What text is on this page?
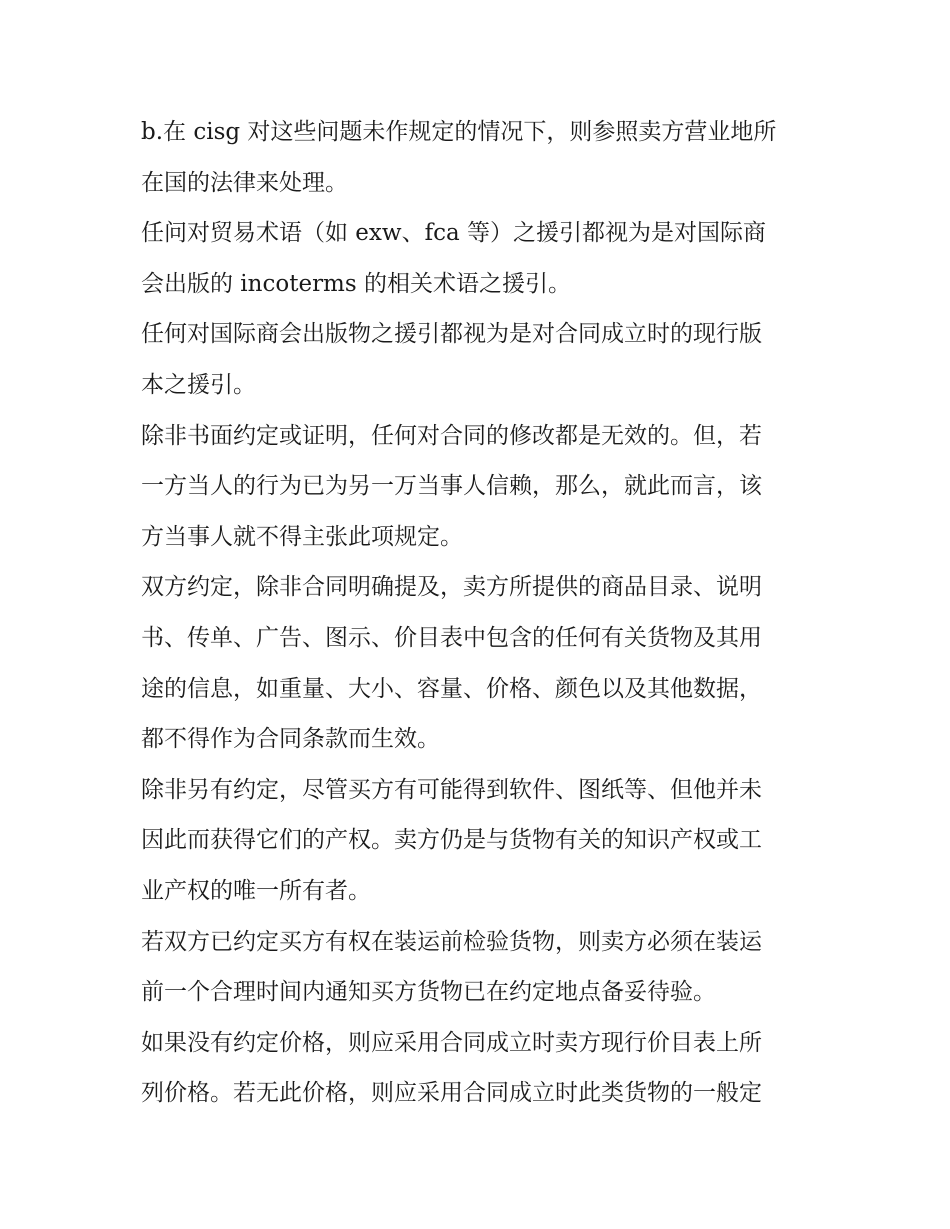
b.在 cisg 对这些问题未作规定的情况下，则参照卖方营业地所
在国的法律来处理。

任问对贸易术语（如 exw、fca 等）之援引都视为是对国际商
会出版的 incoterms 的相关术语之援引。

任何对国际商会出版物之援引都视为是对合同成立时的现行版
本之援引。

除非书面约定或证明，任何对合同的修改都是无效的。但，若
一方当人的行为已为另一万当事人信赖，那么，就此而言，该
方当事人就不得主张此项规定。

双方约定，除非合同明确提及，卖方所提供的商品目录、说明
书、传单、广告、图示、价目表中包含的任何有关货物及其用
途的信息，如重量、大小、容量、价格、颜色以及其他数据，
都不得作为合同条款而生效。

除非另有约定，尽管买方有可能得到软件、图纸等、但他并未
因此而获得它们的产权。卖方仍是与货物有关的知识产权或工
业产权的唯一所有者。

若双方已约定买方有权在装运前检验货物，则卖方必须在装运
前一个合理时间内通知买方货物已在约定地点备妥待验。

如果没有约定价格，则应采用合同成立时卖方现行价目表上所
列价格。若无此价格，则应采用合同成立时此类货物的一般定
